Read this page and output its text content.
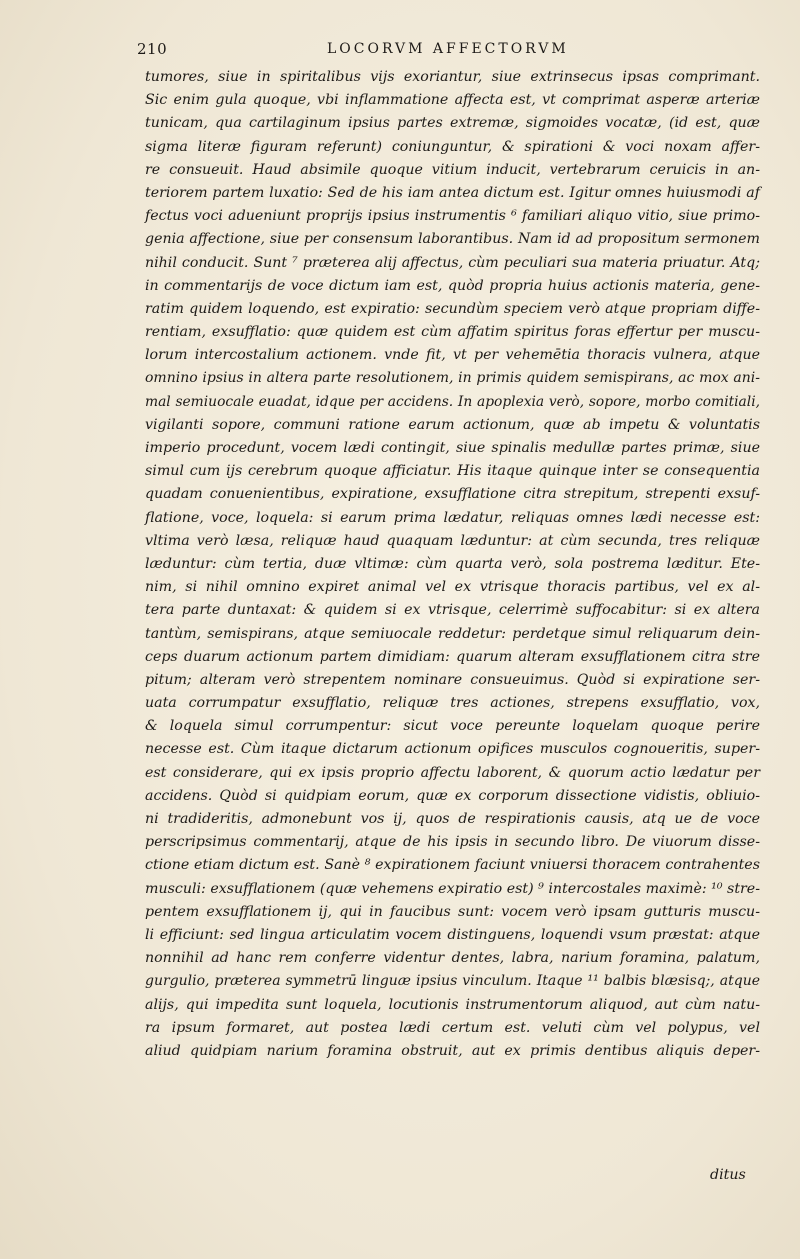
210	LOCORVM AFFECTORVM
tumores, siue in spiritalibus vijs exoriantur, siue extrinsecus ipsas comprimant.
Sic enim gula quoque, vbi inflammatione affecta est, vt comprimat asperæ arteriæ
tunicam, qua cartilaginum ipsius partes extremæ, sigmoides vocatæ, (id est, quæ
sigma literæ figuram referunt) coniunguntur, & spirationi & voci noxam affer-
re consueuit. Haud absimile quoque vitium inducit, vertebrarum ceruicis in an-
teriorem partem luxatio: Sed de his iam antea dictum est. Igitur omnes huiusmodi af
fectus voci adueniunt proprijs ipsius instrumentis ⁶ familiari aliquo vitio, siue primo-
genia affectione, siue per consensum laborantibus. Nam id ad propositum sermonem
nihil conducit. Sunt ⁷ præterea alij affectus, cùm peculiari sua materia priuatur. Atq;
in commentarijs de voce dictum iam est, quòd propria huius actionis materia, gene-
ratim quidem loquendo, est expiratio: secundùm speciem verò atque propriam diffe-
rentiam, exsufflatio: quæ quidem est cùm affatim spiritus foras effertur per muscu-
lorum intercostalium actionem. vnde fit, vt per vehemētia thoracis vulnera, atque
omnino ipsius in altera parte resolutionem, in primis quidem semispirans, ac mox ani-
mal semiuocale euadat, idque per accidens. In apoplexia verò, sopore, morbo comitiali,
vigilanti sopore, communi ratione earum actionum, quæ ab impetu & voluntatis
imperio procedunt, vocem lædi contingit, siue spinalis medullæ partes primæ, siue
simul cum ijs cerebrum quoque afficiatur. His itaque quinque inter se consequentia
quadam conuenientibus, expiratione, exsufflatione citra strepitum, strepenti exsuf-
flatione, voce, loquela: si earum prima lædatur, reliquas omnes lædi necesse est:
vltima verò læsa, reliquæ haud quaquam læduntur: at cùm secunda, tres reliquæ
læduntur: cùm tertia, duæ vltimæ: cùm quarta verò, sola postrema læditur. Ete-
nim, si nihil omnino expiret animal vel ex vtrisque thoracis partibus, vel ex al-
tera parte duntaxat: & quidem si ex vtrisque, celerrimè suffocabitur: si ex altera
tantùm, semispirans, atque semiuocale reddetur: perdetque simul reliquarum dein-
ceps duarum actionum partem dimidiam: quarum alteram exsufflationem citra stre
pitum; alteram verò strepentem nominare consueuimus. Quòd si expiratione ser-
uata corrumpatur exsufflatio, reliquæ tres actiones, strepens exsufflatio, vox,
& loquela simul corrumpentur: sicut voce pereunte loquelam quoque perire
necesse est. Cùm itaque dictarum actionum opifices musculos cognoueritis, super-
est considerare, qui ex ipsis proprio affectu laborent, & quorum actio lædatur per
accidens. Quòd si quidpiam eorum, quæ ex corporum dissectione vidistis, obliuio-
ni tradideritis, admonebunt vos ij, quos de respirationis causis, atq ue de voce
perscripsimus commentarij, atque de his ipsis in secundo libro. De viuorum disse-
ctione etiam dictum est. Sanè ⁸ expirationem faciunt vniuersi thoracem contrahentes
musculi: exsufflationem (quæ vehemens expiratio est) ⁹ intercostales maximè: ¹⁰ stre-
pentem exsufflationem ij, qui in faucibus sunt: vocem verò ipsam gutturis muscu-
li efficiunt: sed lingua articulatim vocem distinguens, loquendi vsum præstat: atque
nonnihil ad hanc rem conferre videntur dentes, labra, narium foramina, palatum,
gurgulio, præterea symmetrū linguæ ipsius vinculum. Itaque ¹¹ balbis blæsisq;, atque
alijs, qui impedita sunt loquela, locutionis instrumentorum aliquod, aut cùm natu-
ra ipsum formaret, aut postea lædi certum est. veluti cùm vel polypus, vel
aliud quidpiam narium foramina obstruit, aut ex primis dentibus aliquis deper-
ditus
